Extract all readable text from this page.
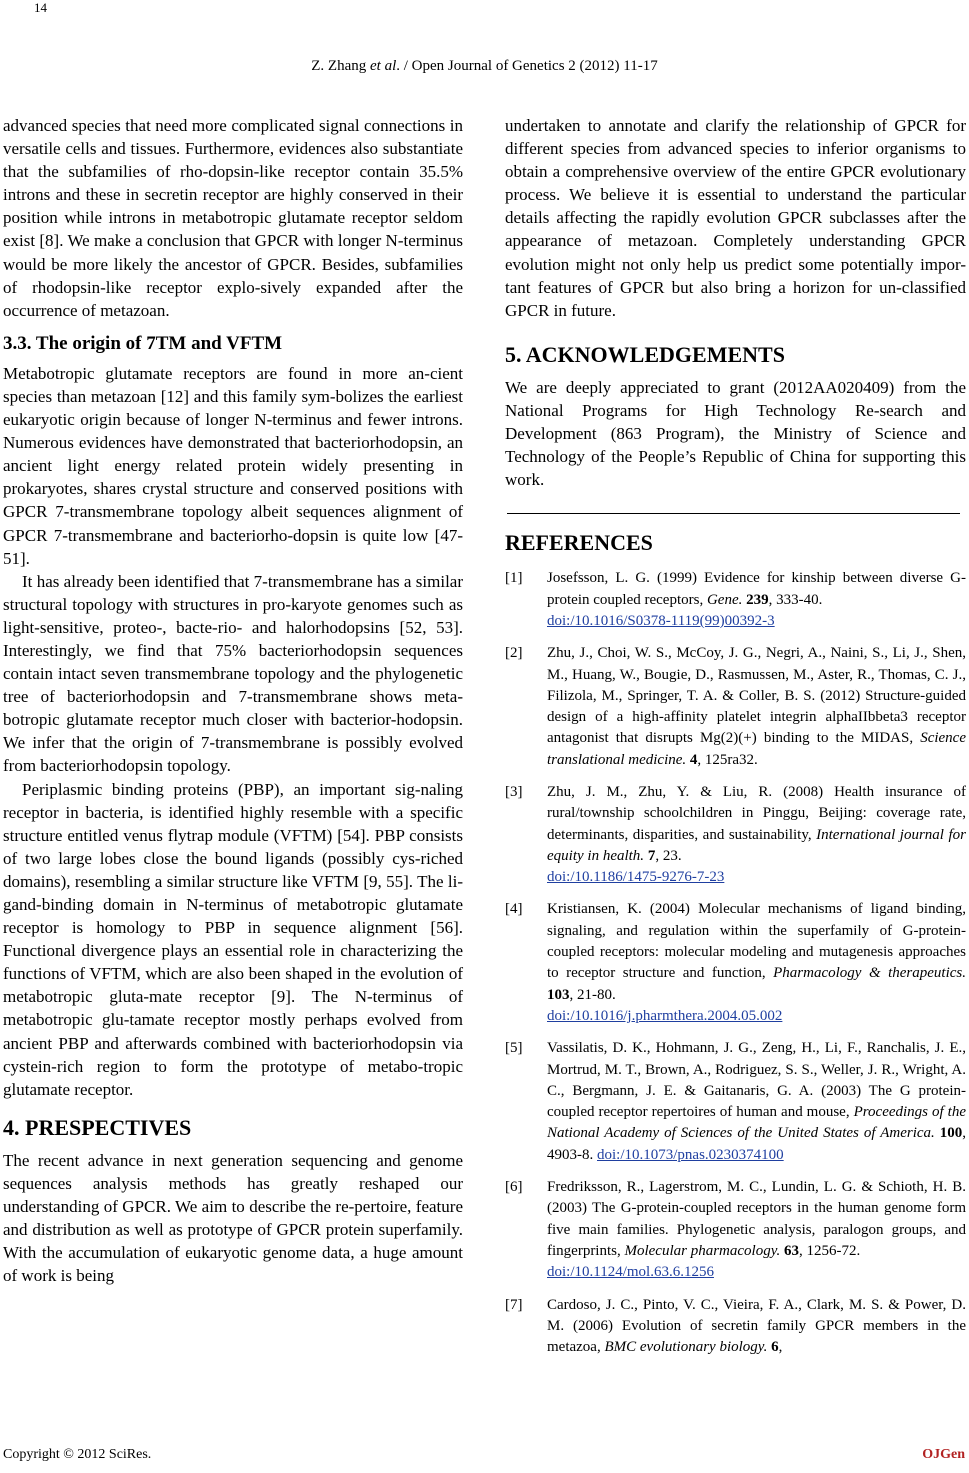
14
Z. Zhang et al. / Open Journal of Genetics 2 (2012) 11-17

advanced species that need more complicated signal connections in versatile cells and tissues. Furthermore, evidences also substantiate that the subfamilies of rho-dopsin-like receptor contain 35.5% introns and these in secretin receptor are highly conserved in their position while introns in metabotropic glutamate receptor seldom exist [8]. We make a conclusion that GPCR with longer N-terminus would be more likely the ancestor of GPCR. Besides, subfamilies of rhodopsin-like receptor explo-sively expanded after the occurrence of metazoan.

3.3. The origin of 7TM and VFTM

Metabotropic glutamate receptors are found in more an-cient species than metazoan [12] and this family sym-bolizes the earliest eukaryotic origin because of longer N-terminus and fewer introns. Numerous evidences have demonstrated that bacteriorhodopsin, an ancient light energy related protein widely presenting in prokaryotes, shares crystal structure and conserved positions with GPCR 7-transmembrane topology albeit sequences alignment of GPCR 7-transmembrane and bacteriorho-dopsin is quite low [47-51].

It has already been identified that 7-transmembrane has a similar structural topology with structures in pro-karyote genomes such as light-sensitive, proteo-, bacte-rio- and halorhodopsins [52, 53]. Interestingly, we find that 75% bacteriorhodopsin sequences contain intact seven transmembrane topology and the phylogenetic tree of bacteriorhodopsin and 7-transmembrane shows meta-botropic glutamate receptor much closer with bacterior-hodopsin. We infer that the origin of 7-transmembrane is possibly evolved from bacteriorhodopsin topology.

Periplasmic binding proteins (PBP), an important sig-naling receptor in bacteria, is identified highly resemble with a specific structure entitled venus flytrap module (VFTM) [54]. PBP consists of two large lobes close the bound ligands (possibly cys-riched domains), resembling a similar structure like VFTM [9, 55]. The li-gand-binding domain in N-terminus of metabotropic glutamate receptor is homology to PBP in sequence alignment [56]. Functional divergence plays an essential role in characterizing the functions of VFTM, which are also been shaped in the evolution of metabotropic gluta-mate receptor [9]. The N-terminus of metabotropic glu-tamate receptor mostly perhaps evolved from ancient PBP and afterwards combined with bacteriorhodopsin via cystein-rich region to form the prototype of metabo-tropic glutamate receptor.

4. PRESPECTIVES

The recent advance in next generation sequencing and genome sequences analysis methods has greatly reshaped our understanding of GPCR. We aim to describe the re-pertoire, feature and distribution as well as prototype of GPCR protein superfamily. With the accumulation of eukaryotic genome data, a huge amount of work is being

undertaken to annotate and clarify the relationship of GPCR for different species from advanced species to inferior organisms to obtain a comprehensive overview of the entire GPCR evolutionary process. We believe it is essential to understand the particular details affecting the rapidly evolution GPCR subclasses after the appearance of metazoan. Completely understanding GPCR evolution might not only help us predict some potentially impor-tant features of GPCR but also bring a horizon for un-classified GPCR in future.

5. ACKNOWLEDGEMENTS

We are deeply appreciated to grant (2012AA020409) from the National Programs for High Technology Re-search and Development (863 Program), the Ministry of Science and Technology of the People’s Republic of China for supporting this work.

REFERENCES
[1] Josefsson, L. G. (1999) Evidence for kinship between diverse G-protein coupled receptors, Gene. 239, 333-40.
doi:/10.1016/S0378-1119(99)00392-3
[2] Zhu, J., Choi, W. S., McCoy, J. G., Negri, A., Naini, S., Li, J., Shen, M., Huang, W., Bougie, D., Rasmussen, M., Aster, R., Thomas, C. J., Filizola, M., Springer, T. A. & Coller, B. S. (2012) Structure-guided design of a high-affinity platelet integrin alphaIIbbeta3 receptor antagonist that disrupts Mg(2)(+) binding to the MIDAS, Science translational medicine. 4, 125ra32.
[3] Zhu, J. M., Zhu, Y. & Liu, R. (2008) Health insurance of rural/township schoolchildren in Pinggu, Beijing: coverage rate, determinants, disparities, and sustainability, International journal for equity in health. 7, 23.
doi:/10.1186/1475-9276-7-23
[4] Kristiansen, K. (2004) Molecular mechanisms of ligand binding, signaling, and regulation within the superfamily of G-protein-coupled receptors: molecular modeling and mutagenesis approaches to receptor structure and function, Pharmacology & therapeutics. 103, 21-80.
doi:/10.1016/j.pharmthera.2004.05.002
[5] Vassilatis, D. K., Hohmann, J. G., Zeng, H., Li, F., Ranchalis, J. E., Mortrud, M. T., Brown, A., Rodriguez, S. S., Weller, J. R., Wright, A. C., Bergmann, J. E. & Gaitanaris, G. A. (2003) The G protein-coupled receptor repertoires of human and mouse, Proceedings of the National Academy of Sciences of the United States of America. 100, 4903-8. doi:/10.1073/pnas.0230374100
[6] Fredriksson, R., Lagerstrom, M. C., Lundin, L. G. & Schioth, H. B. (2003) The G-protein-coupled receptors in the human genome form five main families. Phylogenetic analysis, paralogon groups, and fingerprints, Molecular pharmacology. 63, 1256-72.
doi:/10.1124/mol.63.6.1256
[7] Cardoso, J. C., Pinto, V. C., Vieira, F. A., Clark, M. S. & Power, D. M. (2006) Evolution of secretin family GPCR members in the metazoa, BMC evolutionary biology. 6,
Copyright © 2012 SciRes.	OJGen
